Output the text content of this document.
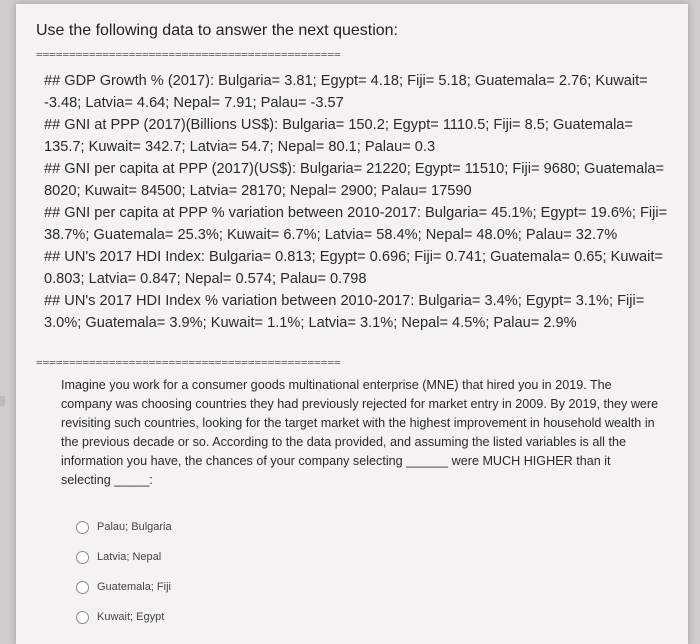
Use the following data to answer the next question:
==============================================

## GDP Growth % (2017): Bulgaria= 3.81; Egypt= 4.18; Fiji= 5.18; Guatemala= 2.76; Kuwait= -3.48; Latvia= 4.64; Nepal= 7.91; Palau= -3.57

## GNI at PPP (2017)(Billions US$): Bulgaria= 150.2; Egypt= 1110.5; Fiji= 8.5; Guatemala= 135.7; Kuwait= 342.7; Latvia= 54.7; Nepal= 80.1; Palau= 0.3

## GNI per capita at PPP (2017)(US$): Bulgaria= 21220; Egypt= 11510; Fiji= 9680; Guatemala= 8020; Kuwait= 84500; Latvia= 28170; Nepal= 2900; Palau= 17590

## GNI per capita at PPP % variation between 2010-2017: Bulgaria= 45.1%; Egypt= 19.6%; Fiji= 38.7%; Guatemala= 25.3%; Kuwait= 6.7%; Latvia= 58.4%; Nepal= 48.0%; Palau= 32.7%

## UN's 2017 HDI Index: Bulgaria= 0.813; Egypt= 0.696; Fiji= 0.741; Guatemala= 0.65; Kuwait= 0.803; Latvia= 0.847; Nepal= 0.574; Palau= 0.798

## UN's 2017 HDI Index % variation between 2010-2017: Bulgaria= 3.4%; Egypt= 3.1%; Fiji= 3.0%; Guatemala= 3.9%; Kuwait= 1.1%; Latvia= 3.1%; Nepal= 4.5%; Palau= 2.9%

==============================================
Imagine you work for a consumer goods multinational enterprise (MNE) that hired you in 2019. The company was choosing countries they had previously rejected for market entry in 2009. By 2019, they were revisiting such countries, looking for the target market with the highest improvement in household wealth in the previous decade or so. According to the data provided, and assuming the listed variables is all the information you have, the chances of your company selecting ______ were MUCH HIGHER than it selecting _____:
Palau; Bulgaria
Latvia; Nepal
Guatemala; Fiji
Kuwait; Egypt
